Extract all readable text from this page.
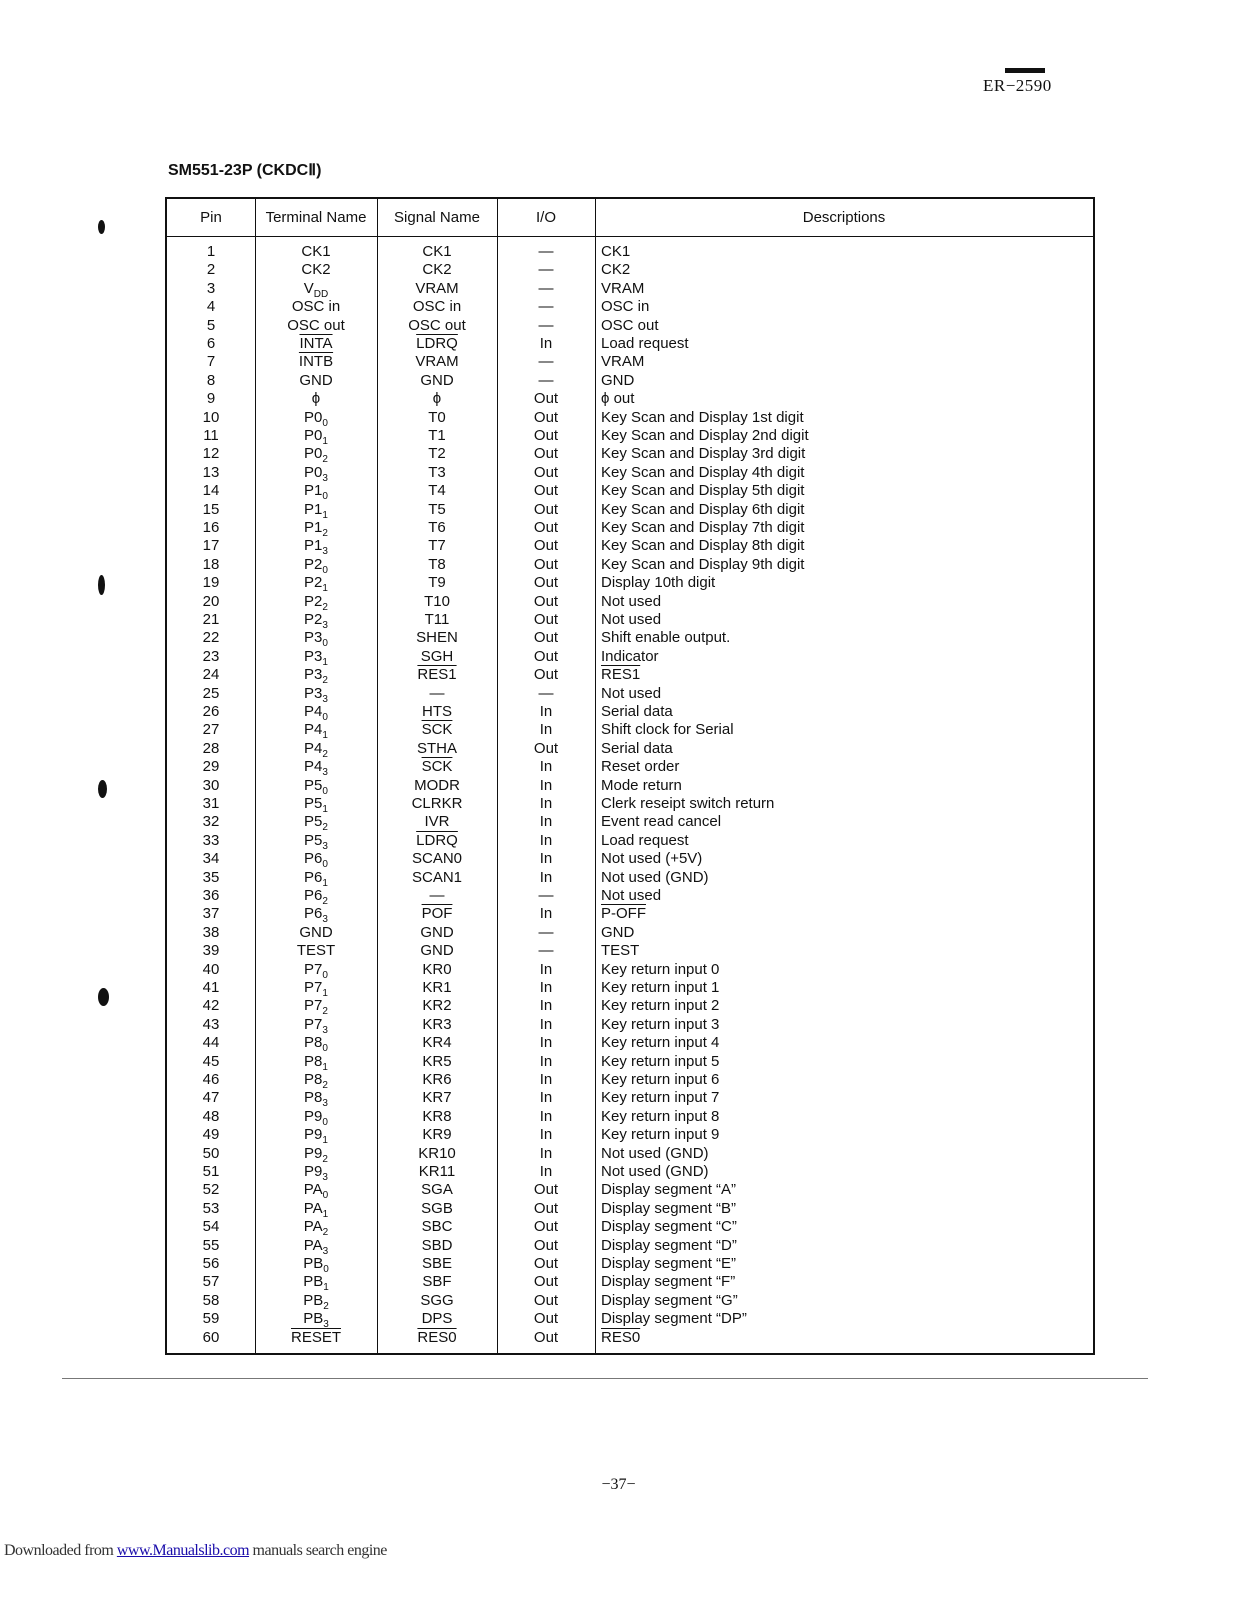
ER−2590
SM551-23P (CKDCⅡ)
Pin	Terminal Name	Signal Name	I/O	Descriptions
1	CK1	CK1	—	CK1
2	CK2	CK2	—	CK2
3	$V_{DD}$	VRAM	—	VRAM
4	OSC in	OSC in	—	OSC in
5	OSC out	OSC out	—	OSC out
6	INTA	LDRQ	In	Load request
7	INTB	VRAM	—	VRAM
8	GND	GND	—	GND
9	ϕ	ϕ	Out	ϕ out
10	$P0_0$	T0	Out	Key Scan and Display 1st digit
11	$P0_1$	T1	Out	Key Scan and Display 2nd digit
12	$P0_2$	T2	Out	Key Scan and Display 3rd digit
13	$P0_3$	T3	Out	Key Scan and Display 4th digit
14	$P1_0$	T4	Out	Key Scan and Display 5th digit
15	$P1_1$	T5	Out	Key Scan and Display 6th digit
16	$P1_2$	T6	Out	Key Scan and Display 7th digit
17	$P1_3$	T7	Out	Key Scan and Display 8th digit
18	$P2_0$	T8	Out	Key Scan and Display 9th digit
19	$P2_1$	T9	Out	Display 10th digit
20	$P2_2$	T10	Out	Not used
21	$P2_3$	T11	Out	Not used
22	$P3_0$	SHEN	Out	Shift enable output.
23	$P3_1$	SGH	Out	Indicator
24	$P3_2$	RES1	Out	RES1
25	$P3_3$	—	—	Not used
26	$P4_0$	HTS	In	Serial data
27	$P4_1$	$\overline{SCK}$	In	Shift clock for Serial
28	$P4_2$	STHA	Out	Serial data
29	$P4_3$	$\overline{SCK}$	In	Reset order
30	$P5_0$	MODR	In	Mode return
31	$P5_1$	CLRKR	In	Clerk reseipt switch return
32	$P5_2$	IVR	In	Event read cancel
33	$P5_3$	LDRQ	In	Load request
34	$P6_0$	SCAN0	In	Not used (+5V)
35	$P6_1$	SCAN1	In	Not used (GND)
36	$P6_2$	—	—	Not used
37	$P6_3$	$\overline{POF}$	In	P-OFF
38	GND	GND	—	GND
39	TEST	GND	—	TEST
40	$P7_0$	KR0	In	Key return input 0
41	$P7_1$	KR1	In	Key return input 1
42	$P7_2$	KR2	In	Key return input 2
43	$P7_3$	KR3	In	Key return input 3
44	$P8_0$	KR4	In	Key return input 4
45	$P8_1$	KR5	In	Key return input 5
46	$P8_2$	KR6	In	Key return input 6
47	$P8_3$	KR7	In	Key return input 7
48	$P9_0$	KR8	In	Key return input 8
49	$P9_1$	KR9	In	Key return input 9
50	$P9_2$	KR10	In	Not used (GND)
51	$P9_3$	KR11	In	Not used (GND)
52	$PA_0$	SGA	Out	Display segment “A”
53	$PA_1$	SGB	Out	Display segment “B”
54	$PA_2$	SBC	Out	Display segment “C”
55	$PA_3$	SBD	Out	Display segment “D”
56	$PB_0$	SBE	Out	Display segment “E”
57	$PB_1$	SBF	Out	Display segment “F”
58	$PB_2$	SGG	Out	Display segment “G”
59	$PB_3$	DPS	Out	Display segment “DP”
60	RESET	RES0	Out	RES0
−37−
Downloaded from www.Manualslib.com manuals search engine
